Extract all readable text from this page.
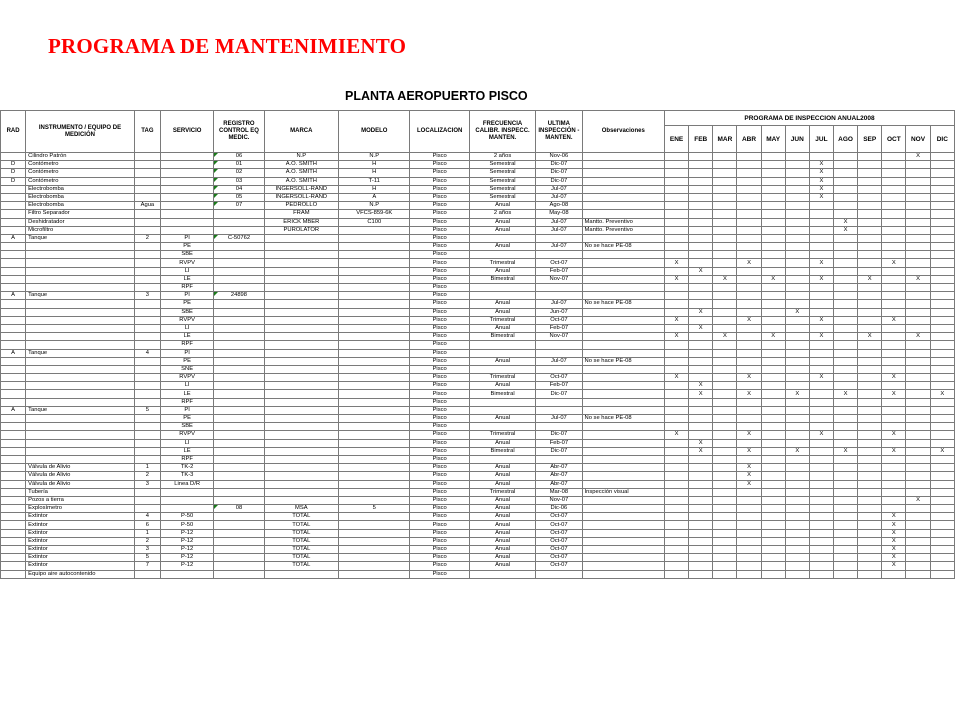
PROGRAMA DE MANTENIMIENTO
PLANTA AEROPUERTO PISCO
RAD	INSTRUMENTO / EQUIPO DE MEDICIÓN	TAG	SERVICIO	REGISTRO CONTROL EQ MEDIC.	MARCA	MODELO	LOCALIZACION	FRECUENCIA CALIBR. INSPECC. MANTEN.	ULTIMA INSPECCIÓN - MANTEN.	Observaciones	PROGRAMA DE INSPECCION ANUAL2008											
											ENE	FEB	MAR	ABR	MAY	JUN	JUL	AGO	SEP	OCT	NOV	DIC
	Cilindro Patrón			06	N.P	N.P	Pisco	2 años	Nov-06												X	
D	Contómetro			01	A.O. SMITH	H	Pisco	Semestral	Dic-07								X					
D	Contómetro			02	A.O. SMITH	H	Pisco	Semestral	Dic-07								X					
D	Contómetro			03	A.O. SMITH	T-11	Pisco	Semestral	Dic-07								X					
	Electrobomba			04	INGERSOLL-RAND	H	Pisco	Semestral	Jul-07								X					
	Electrobomba			05	INGERSOLL-RAND	A	Pisco	Semestral	Jul-07								X					
	Electrobomba	Agua		07	PEDROLLO	N.P	Pisco	Anual	Ago-08													
	Filtro Separador				FRAM	VFCS-859-6K	Pisco	2 años	May-08													
	Deshidratador				ERICK MBER	C100	Pisco	Anual	Jul-07	Mantto. Preventivo								X				
	Microfiltro				PUROLATOR		Pisco	Anual	Jul-07	Mantto. Preventivo								X				
A	Tanque	2	PI	C-50762			Pisco															
			PE				Pisco	Anual	Jul-07	No se hace PE-08												
			SBE				Pisco															
			RVPV				Pisco	Trimestral	Oct-07		X			X			X			X		
			LI				Pisco	Anual	Feb-07			X										
			LE				Pisco	Bimestral	Nov-07		X		X		X		X		X		X	
			RPF				Pisco															
A	Tanque	3	PI	24898			Pisco															
			PE				Pisco	Anual	Jul-07	No se hace PE-08												
			SBE				Pisco	Anual	Jun-07			X				X						
			RVPV				Pisco	Trimestral	Oct-07		X			X			X			X		
			LI				Pisco	Anual	Feb-07			X										
			LE				Pisco	Bimestral	Nov-07		X		X		X		X		X		X	
			RPF				Pisco															
A	Tanque	4	PI				Pisco															
			PE				Pisco	Anual	Jul-07	No se hace PE-08												
			SNE				Pisco															
			RVPV				Pisco	Trimestral	Oct-07		X			X			X			X		
			LI				Pisco	Anual	Feb-07			X										
			LE				Pisco	Bimestral	Dic-07			X		X		X		X		X		X
			RPF				Pisco															
A	Tanque	5	PI				Pisco															
			PE				Pisco	Anual	Jul-07	No se hace PE-08												
			SBE				Pisco															
			RVPV				Pisco	Trimestral	Dic-07		X			X			X			X		
			LI				Pisco	Anual	Feb-07			X										
			LE				Pisco	Bimestral	Dic-07			X		X		X		X		X		X
			RPF				Pisco															
	Válvula de Alivio	1	TK-2				Pisco	Anual	Abr-07					X								
	Válvula de Alivio	2	TK-3				Pisco	Anual	Abr-07					X								
	Válvula de Alivio	3	Linea D/R				Pisco	Anual	Abr-07					X								
	Tubería						Pisco	Trimestral	Mar-08	Inspección visual												
	Pozos a tierra						Pisco	Anual	Nov-07												X	
	Explosímetro			08	MSA	5	Pisco	Anual	Dic-06													
	Extintor	4	P-50		TOTAL		Pisco	Anual	Oct-07											X		
	Extintor	6	P-50		TOTAL		Pisco	Anual	Oct-07											X		
	Extintor	1	P-12		TOTAL		Pisco	Anual	Oct-07											X		
	Extintor	2	P-12		TOTAL		Pisco	Anual	Oct-07											X		
	Extintor	3	P-12		TOTAL		Pisco	Anual	Oct-07											X		
	Extintor	5	P-12		TOTAL		Pisco	Anual	Oct-07											X		
	Extintor	7	P-12		TOTAL		Pisco	Anual	Oct-07											X		
	Equipo aire autocontenido						Pisco															
